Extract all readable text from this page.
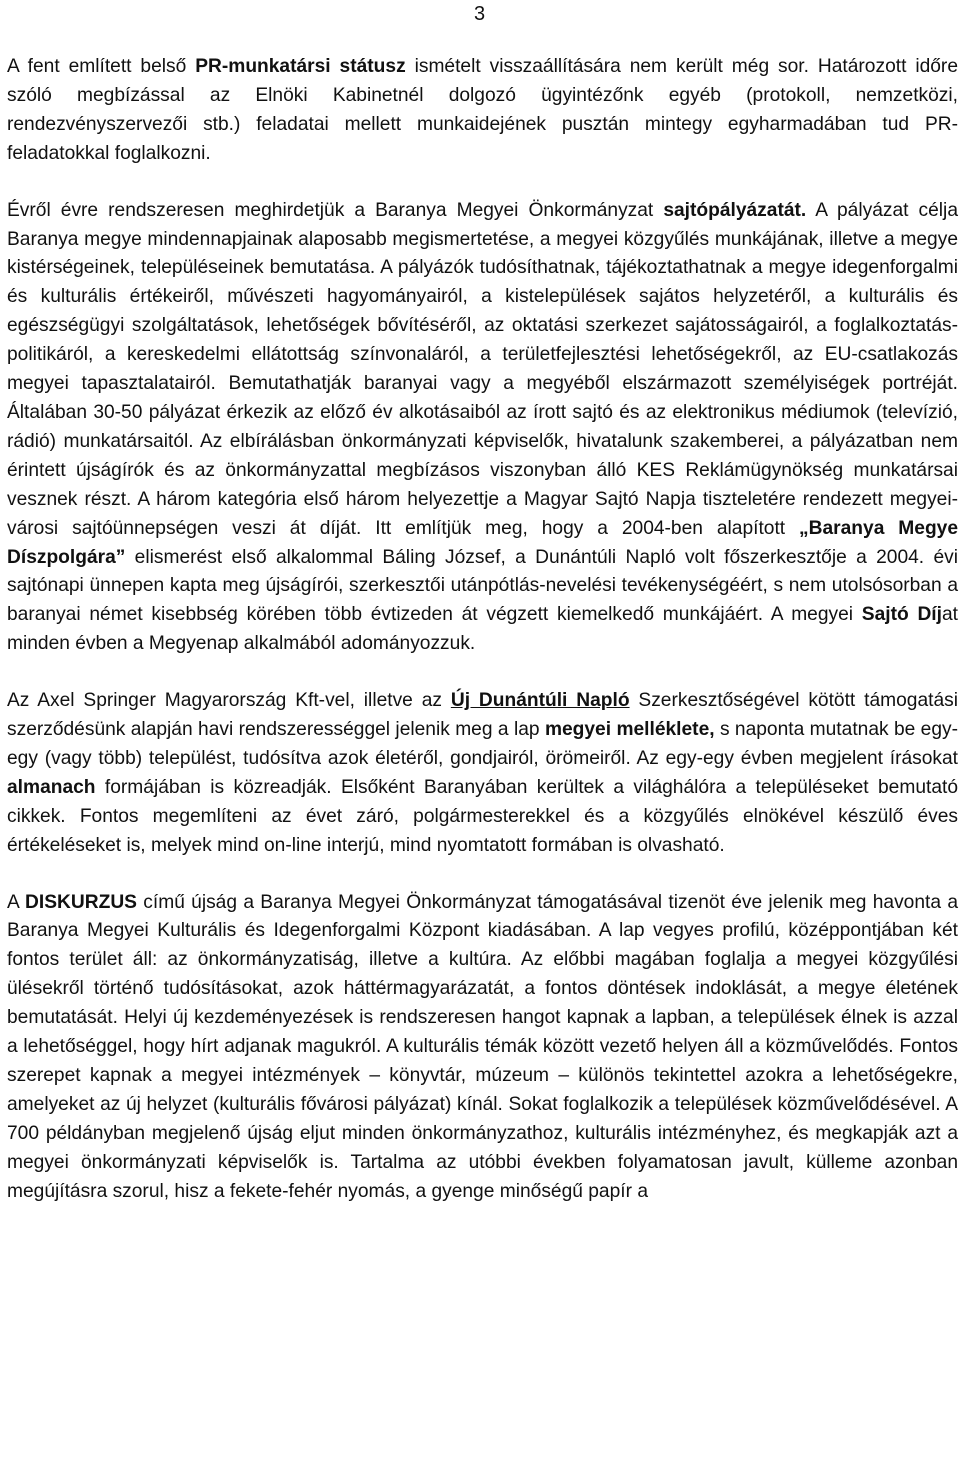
3

A fent említett belső PR-munkatársi státusz ismételt visszaállítására nem került még sor. Határozott időre szóló megbízással az Elnöki Kabinetnél dolgozó ügyintézőnk egyéb (protokoll, nemzetközi, rendezvényszervezői stb.) feladatai mellett munkaidejének pusztán mintegy egyharmadában tud PR-feladatokkal foglalkozni.

Évről évre rendszeresen meghirdetjük a Baranya Megyei Önkormányzat sajtópályázatát. A pályázat célja Baranya megye mindennapjainak alaposabb megismertetése, a megyei közgyűlés munkájának, illetve a megye kistérségeinek, településeinek bemutatása. A pályázók tudósíthatnak, tájékoztathatnak a megye idegenforgalmi és kulturális értékeiről, művészeti hagyományairól, a kistelepülések sajátos helyzetéről, a kulturális és egészségügyi szolgáltatások, lehetőségek bővítéséről, az oktatási szerkezet sajátosságairól, a foglalkoztatás-politikáról, a kereskedelmi ellátottság színvonaláról, a területfejlesztési lehetőségekről, az EU-csatlakozás megyei tapasztalatairól. Bemutathatják baranyai vagy a megyéből elszármazott személyiségek portréját. Általában 30-50 pályázat érkezik az előző év alkotásaiból az írott sajtó és az elektronikus médiumok (televízió, rádió) munkatársaitól. Az elbírálásban önkormányzati képviselők, hivatalunk szakemberei, a pályázatban nem érintett újságírók és az önkormányzattal megbízásos viszonyban álló KES Reklámügynökség munkatársai vesznek részt. A három kategória első három helyezettje a Magyar Sajtó Napja tiszteletére rendezett megyei-városi sajtóünnepségen veszi át díját. Itt említjük meg, hogy a 2004-ben alapított „Baranya Megye Díszpolgára” elismerést első alkalommal Báling József, a Dunántúli Napló volt főszerkesztője a 2004. évi sajtónapi ünnepen kapta meg újságírói, szerkesztői utánpótlás-nevelési tevékenységéért, s nem utolsósorban a baranyai német kisebbség körében több évtizeden át végzett kiemelkedő munkájáért. A megyei Sajtó Díjat minden évben a Megyenap alkalmából adományozzuk.

Az Axel Springer Magyarország Kft-vel, illetve az Új Dunántúli Napló Szerkesztőségével kötött támogatási szerződésünk alapján havi rendszerességgel jelenik meg a lap megyei melléklete, s naponta mutatnak be egy-egy (vagy több) települést, tudósítva azok életéről, gondjairól, örömeiről. Az egy-egy évben megjelent írásokat almanach formájában is közreadják. Elsőként Baranyában kerültek a világhálóra a településeket bemutató cikkek. Fontos megemlíteni az évet záró, polgármesterekkel és a közgyűlés elnökével készülő éves értékeléseket is, melyek mind on-line interjú, mind nyomtatott formában is olvasható.

A DISKURZUS című újság a Baranya Megyei Önkormányzat támogatásával tizenöt éve jelenik meg havonta a Baranya Megyei Kulturális és Idegenforgalmi Központ kiadásában. A lap vegyes profilú, középpontjában két fontos terület áll: az önkormányzatiság, illetve a kultúra. Az előbbi magában foglalja a megyei közgyűlési ülésekről történő tudósításokat, azok háttérmagyarázatát, a fontos döntések indoklását, a megye életének bemutatását. Helyi új kezdeményezések is rendszeresen hangot kapnak a lapban, a települések élnek is azzal a lehetőséggel, hogy hírt adjanak magukról. A kulturális témák között vezető helyen áll a közművelődés. Fontos szerepet kapnak a megyei intézmények – könyvtár, múzeum – különös tekintettel azokra a lehetőségekre, amelyeket az új helyzet (kulturális fővárosi pályázat) kínál. Sokat foglalkozik a települések közművelődésével. A 700 példányban megjelenő újság eljut minden önkormányzathoz, kulturális intézményhez, és megkapják azt a megyei önkormányzati képviselők is. Tartalma az utóbbi években folyamatosan javult, külleme azonban megújításra szorul, hisz a fekete-fehér nyomás, a gyenge minőségű papír a
